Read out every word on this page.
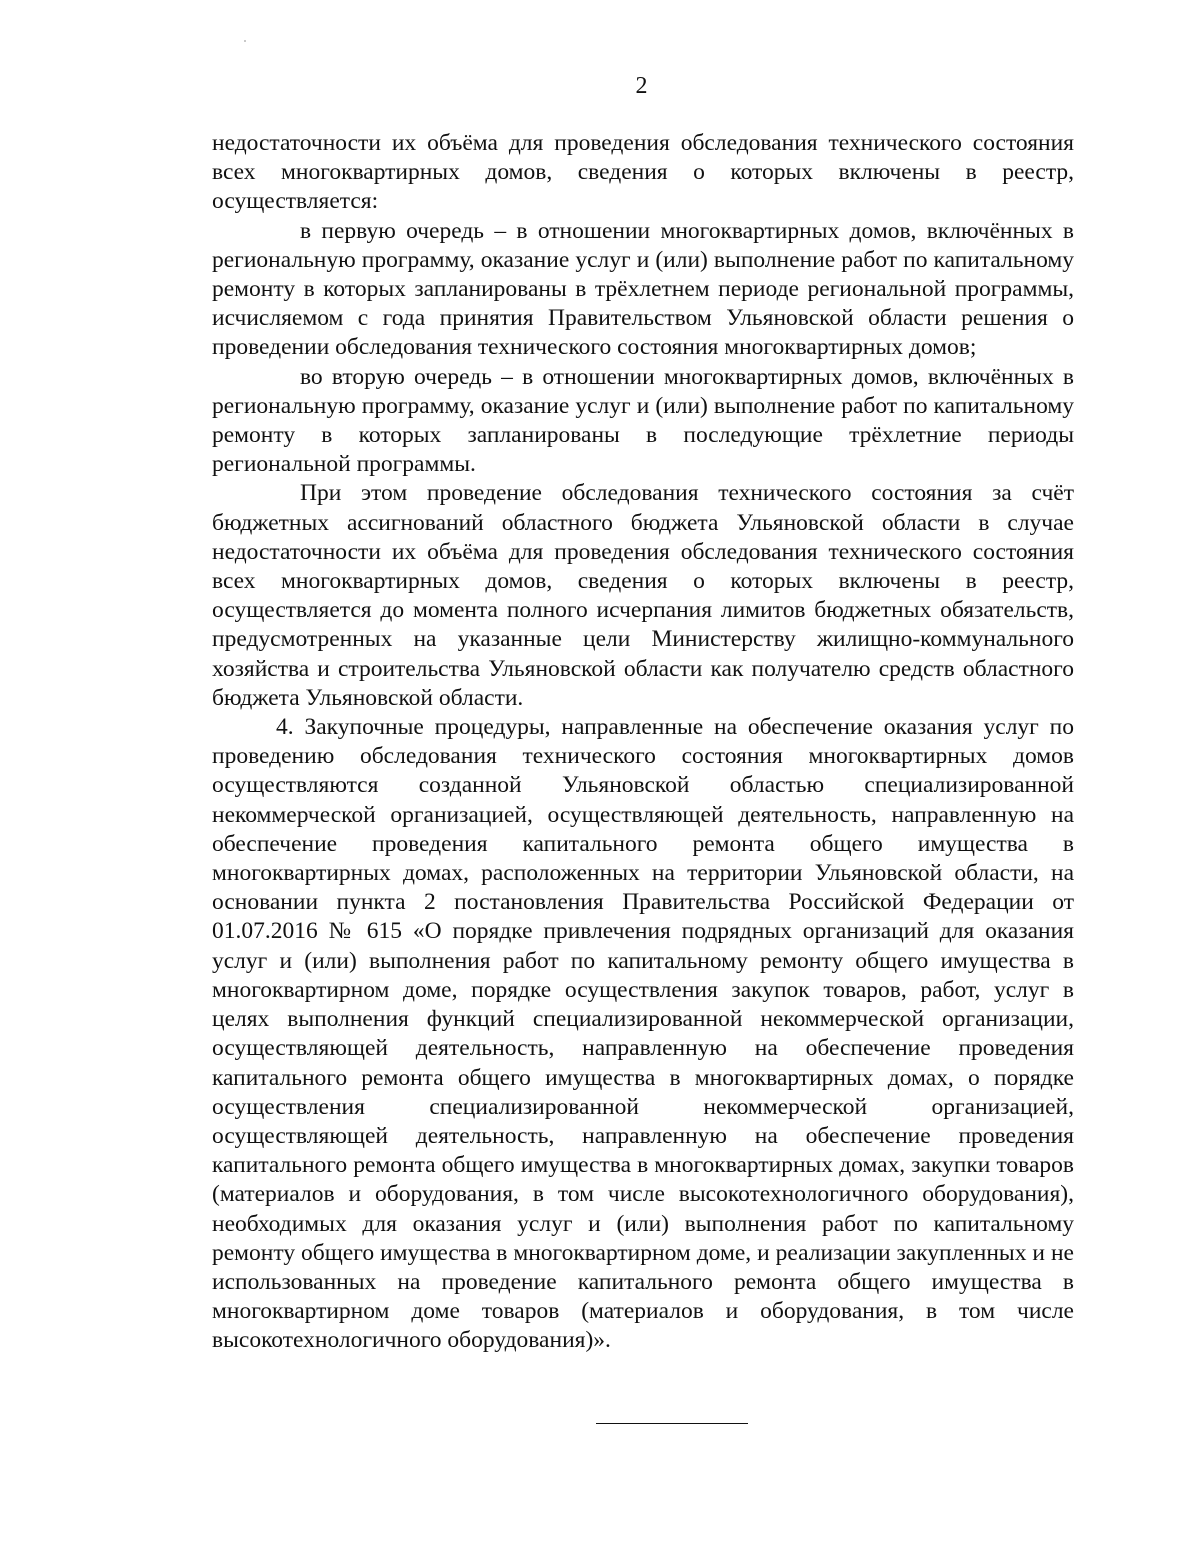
2

недостаточности их объёма для проведения обследования технического состояния всех многоквартирных домов, сведения о которых включены в реестр, осуществляется:

в первую очередь – в отношении многоквартирных домов, включённых в региональную программу, оказание услуг и (или) выполнение работ по капитальному ремонту в которых запланированы в трёхлетнем периоде региональной программы, исчисляемом с года принятия Правительством Ульяновской области решения о проведении обследования технического состояния многоквартирных домов;

во вторую очередь – в отношении многоквартирных домов, включённых в региональную программу, оказание услуг и (или) выполнение работ по капитальному ремонту в которых запланированы в последующие трёхлетние периоды региональной программы.

При этом проведение обследования технического состояния за счёт бюджетных ассигнований областного бюджета Ульяновской области в случае недостаточности их объёма для проведения обследования технического состояния всех многоквартирных домов, сведения о которых включены в реестр, осуществляется до момента полного исчерпания лимитов бюджетных обязательств, предусмотренных на указанные цели Министерству жилищно-коммунального хозяйства и строительства Ульяновской области как получателю средств областного бюджета Ульяновской области.

4. Закупочные процедуры, направленные на обеспечение оказания услуг по проведению обследования технического состояния многоквартирных домов осуществляются созданной Ульяновской областью специализированной некоммерческой организацией, осуществляющей деятельность, направленную на обеспечение проведения капитального ремонта общего имущества в многоквартирных домах, расположенных на территории Ульяновской области, на основании пункта 2 постановления Правительства Российской Федерации от 01.07.2016 № 615 «О порядке привлечения подрядных организаций для оказания услуг и (или) выполнения работ по капитальному ремонту общего имущества в многоквартирном доме, порядке осуществления закупок товаров, работ, услуг в целях выполнения функций специализированной некоммерческой организации, осуществляющей деятельность, направленную на обеспечение проведения капитального ремонта общего имущества в многоквартирных домах, о порядке осуществления специализированной некоммерческой организацией, осуществляющей деятельность, направленную на обеспечение проведения капитального ремонта общего имущества в многоквартирных домах, закупки товаров (материалов и оборудования, в том числе высокотехнологичного оборудования), необходимых для оказания услуг и (или) выполнения работ по капитальному ремонту общего имущества в многоквартирном доме, и реализации закупленных и не использованных на проведение капитального ремонта общего имущества в многоквартирном доме товаров (материалов и оборудования, в том числе высокотехнологичного оборудования)».
